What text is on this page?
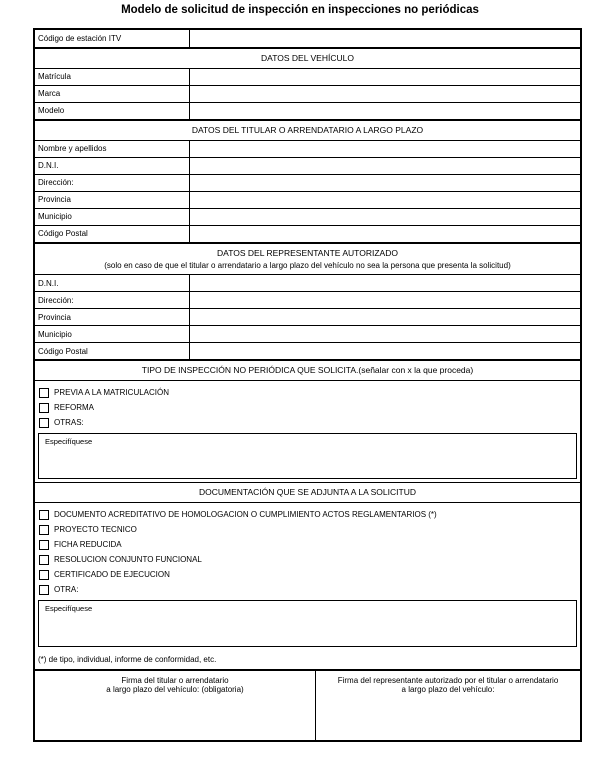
Modelo de solicitud de inspección en inspecciones no periódicas
Código de estación ITV
DATOS DEL VEHÍCULO
Matrícula
Marca
Modelo
DATOS DEL TITULAR O ARRENDATARIO A LARGO PLAZO
Nombre y apellidos
D.N.I.
Dirección:
Provincia
Municipio
Código Postal
DATOS DEL REPRESENTANTE AUTORIZADO
(solo en caso de que el titular o arrendatario a largo plazo del vehículo no sea la persona que presenta la solicitud)
D.N.I.
Dirección:
Provincia
Municipio
Código Postal
TIPO DE INSPECCIÓN NO PERIÓDICA QUE SOLICITA.(señalar con x la que proceda)
PREVIA A LA MATRICULACIÓN
REFORMA
OTRAS:
Especifíquese
DOCUMENTACIÓN QUE SE ADJUNTA A LA SOLICITUD
DOCUMENTO ACREDITATIVO DE HOMOLOGACION O CUMPLIMIENTO ACTOS REGLAMENTARIOS (*)
PROYECTO TECNICO
FICHA REDUCIDA
RESOLUCION CONJUNTO FUNCIONAL
CERTIFICADO DE EJECUCION
OTRA:
Especifíquese
(*) de tipo, individual, informe de conformidad, etc.
Firma del titular o arrendatario
a largo plazo del vehículo: (obligatoria)
Firma del representante autorizado por el titular o arrendatario
a largo plazo del vehículo:
